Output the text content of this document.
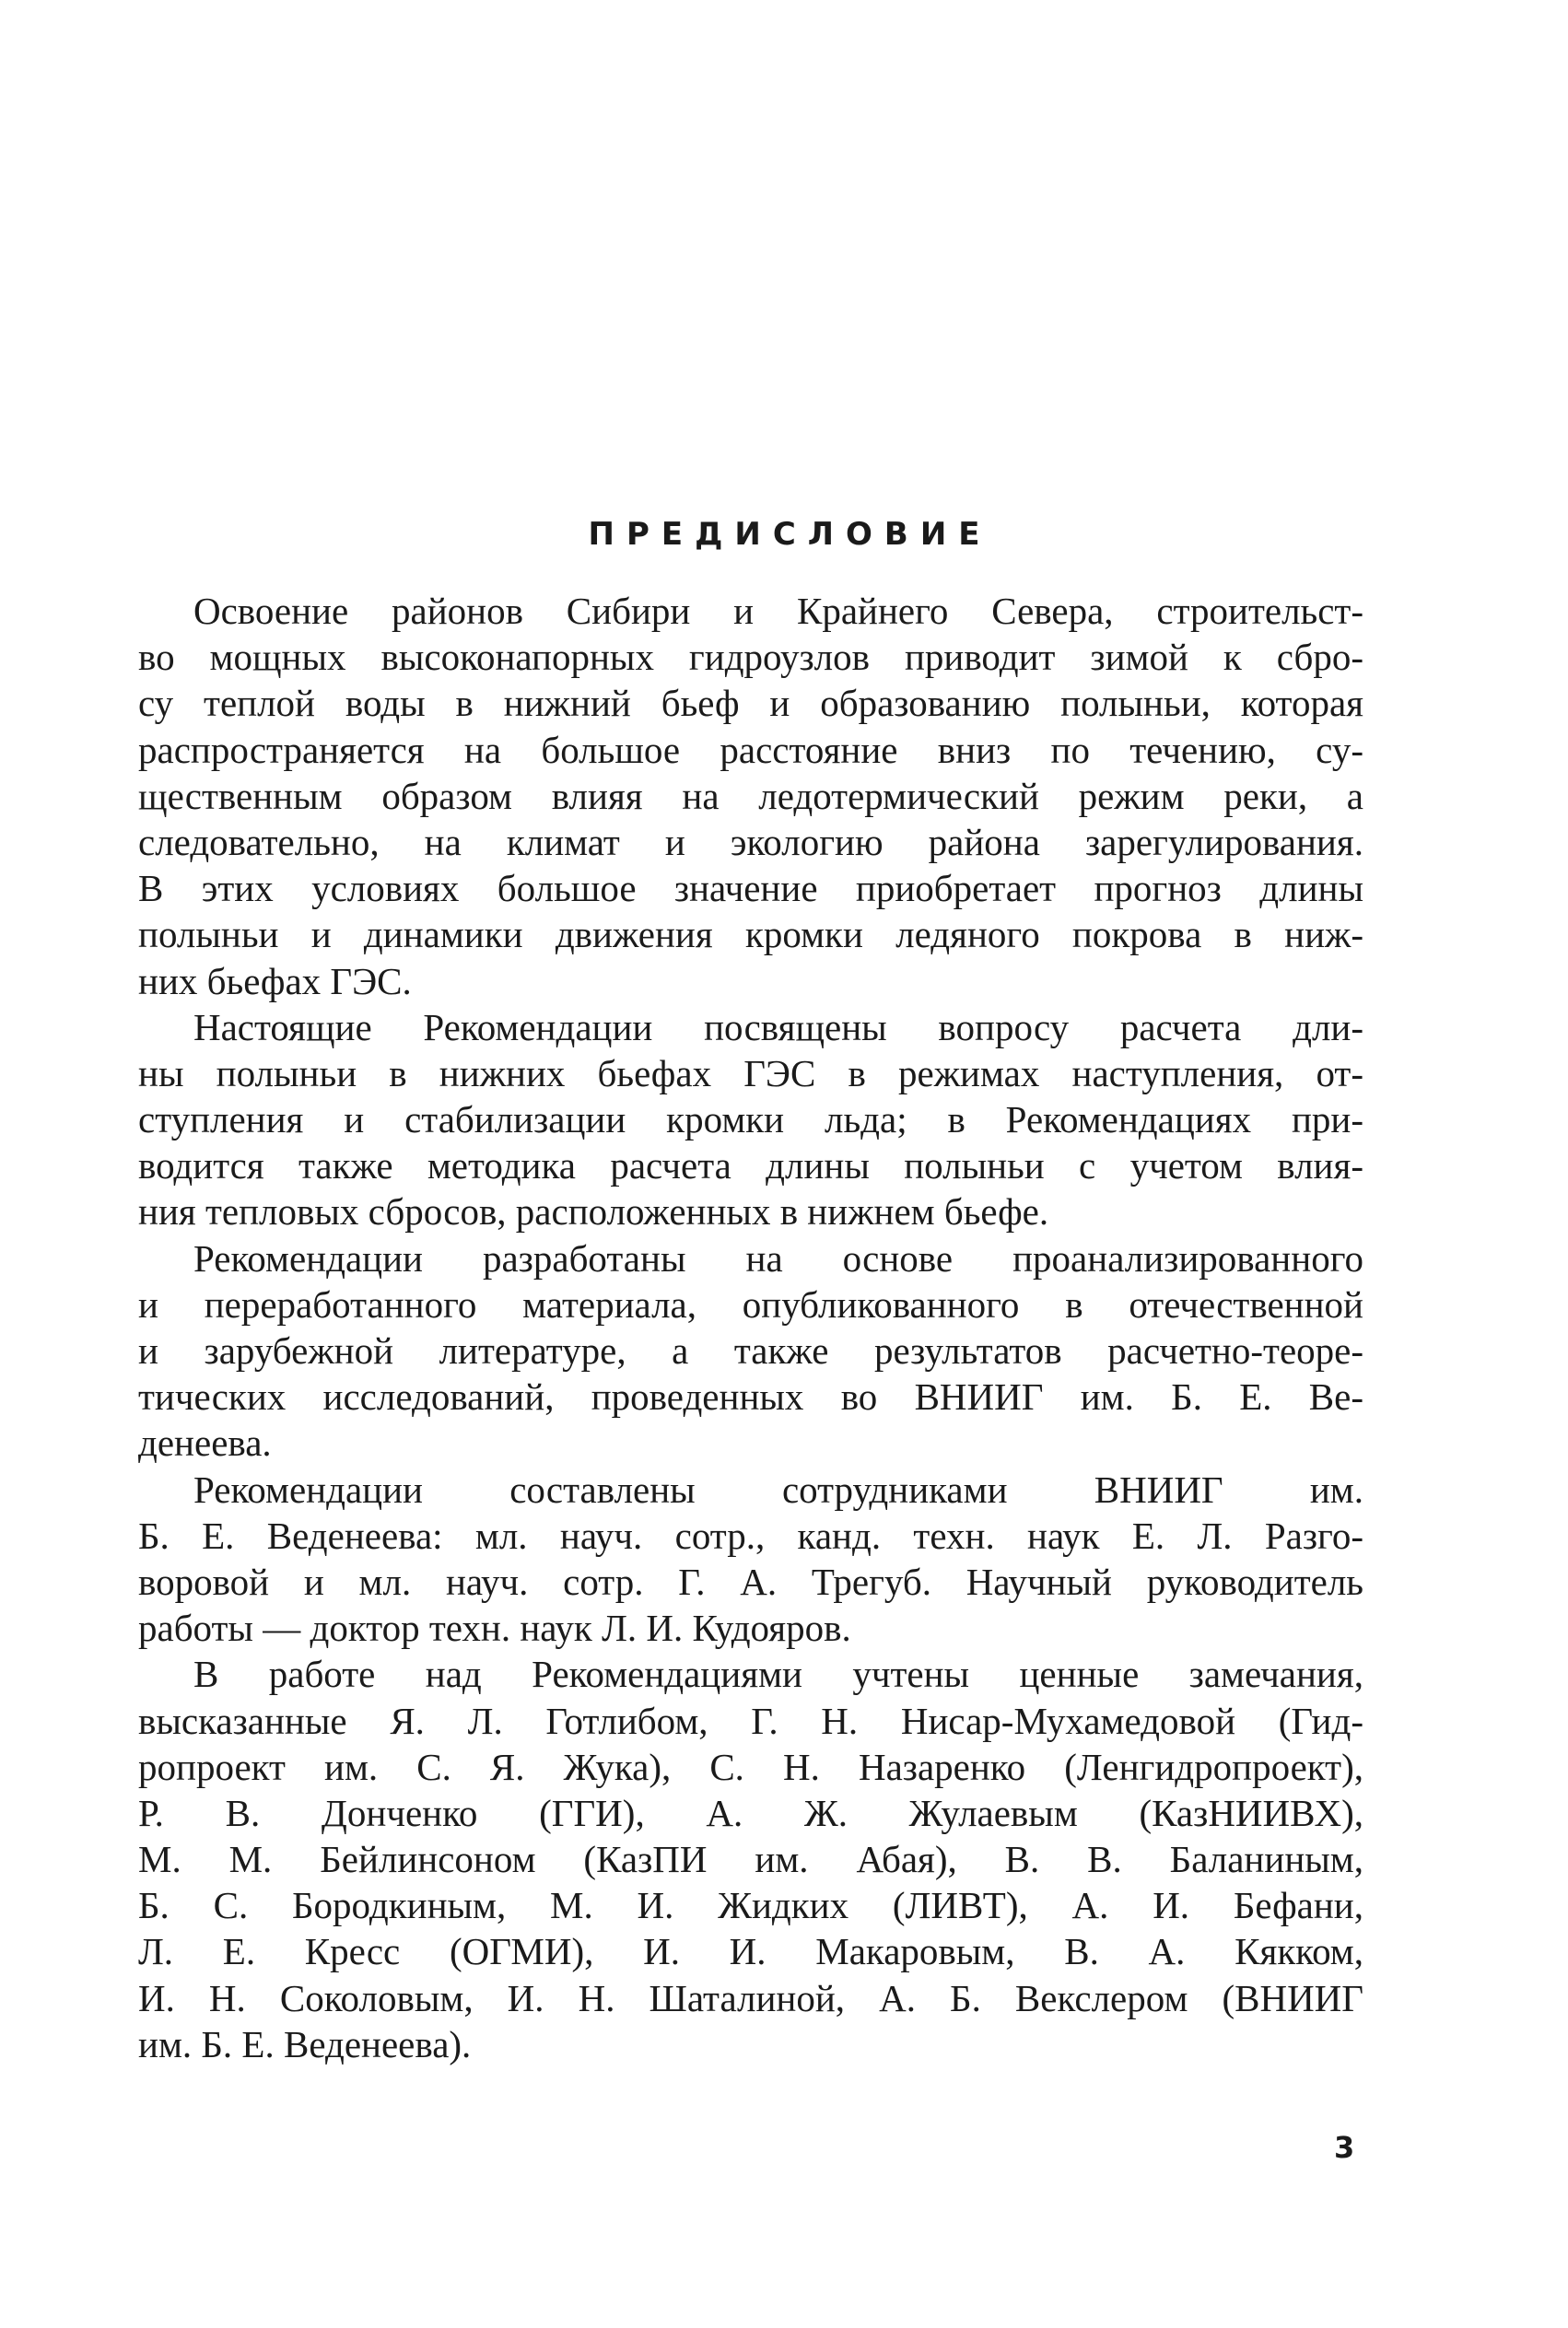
ПРЕДИСЛОВИЕ
Освоение районов Сибири и Крайнего Севера, строительст-
во мощных высоконапорных гидроузлов приводит зимой к сбро-
су теплой воды в нижний бьеф и образованию полыньи, которая
распространяется на большое расстояние вниз по течению, су-
щественным образом влияя на ледотермический режим реки, а
следовательно, на климат и экологию района зарегулирования.
В этих условиях большое значение приобретает прогноз длины
полыньи и динамики движения кромки ледяного покрова в ниж-
них бьефах ГЭС.
Настоящие Рекомендации посвящены вопросу расчета дли-
ны полыньи в нижних бьефах ГЭС в режимах наступления, от-
ступления и стабилизации кромки льда; в Рекомендациях при-
водится также методика расчета длины полыньи с учетом влия-
ния тепловых сбросов, расположенных в нижнем бьефе.
Рекомендации разработаны на основе проанализированного
и переработанного материала, опубликованного в отечественной
и зарубежной литературе, а также результатов расчетно-теоре-
тических исследований, проведенных во ВНИИГ им. Б. Е. Ве-
денеева.
Рекомендации составлены сотрудниками ВНИИГ им.
Б. Е. Веденеева: мл. науч. сотр., канд. техн. наук Е. Л. Разго-
воровой и мл. науч. сотр. Г. А. Трегуб. Научный руководитель
работы — доктор техн. наук Л. И. Кудояров.
В работе над Рекомендациями учтены ценные замечания,
высказанные Я. Л. Готлибом, Г. Н. Нисар-Мухамедовой (Гид-
ропроект им. С. Я. Жука), С. Н. Назаренко (Ленгидропроект),
Р. В. Донченко (ГГИ), А. Ж. Жулаевым (КазНИИВХ),
М. М. Бейлинсоном (КазПИ им. Абая), В. В. Баланиным,
Б. С. Бородкиным, М. И. Жидких (ЛИВТ), А. И. Бефани,
Л. Е. Кресс (ОГМИ), И. И. Макаровым, В. А. Кякком,
И. Н. Соколовым, И. Н. Шаталиной, А. Б. Векслером (ВНИИГ
им. Б. Е. Веденеева).
3
